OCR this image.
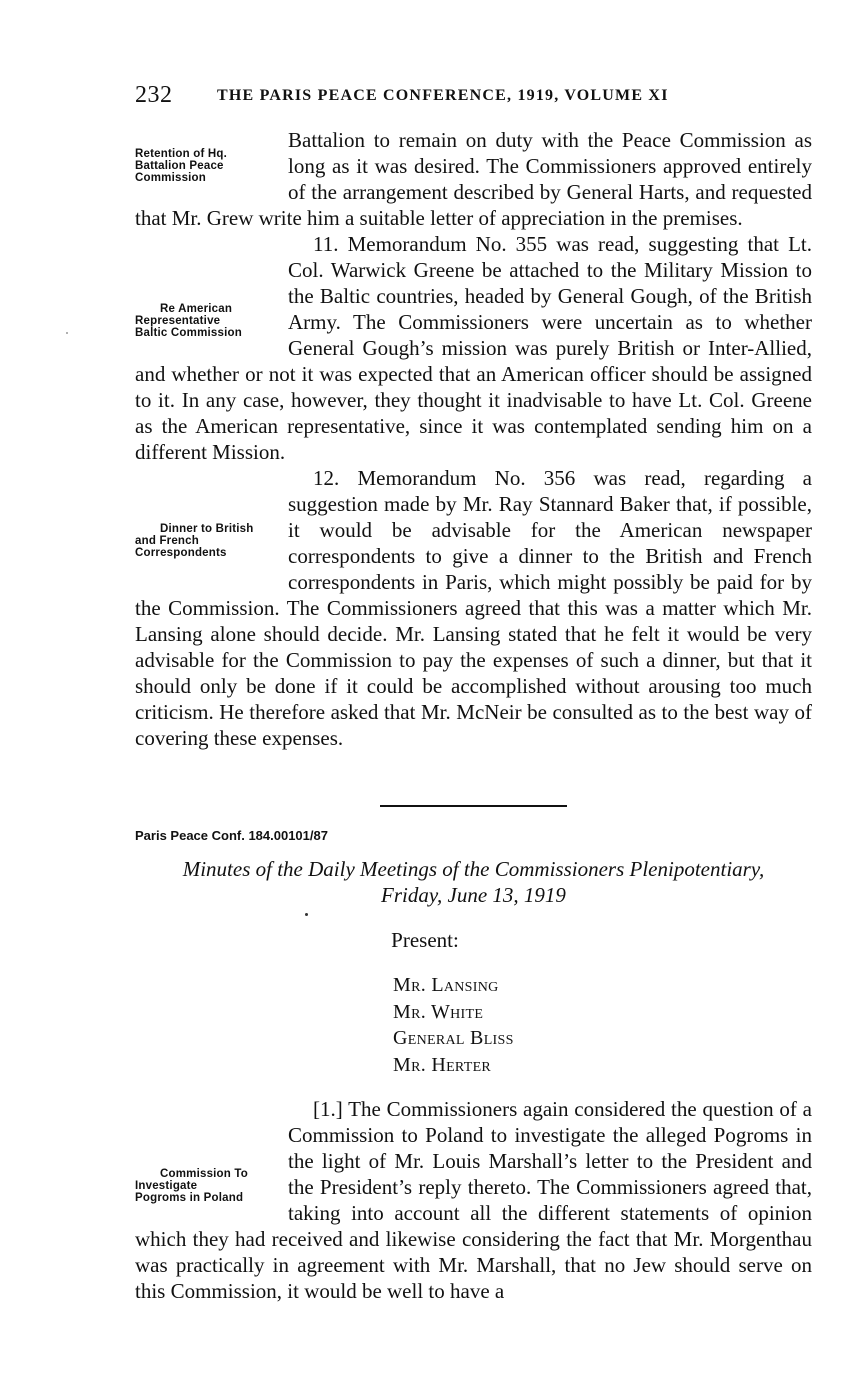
232	THE PARIS PEACE CONFERENCE, 1919, VOLUME XI

Retention of Hq.
Battalion Peace
Commission
Battalion to remain on duty with the Peace Commission as long as it was desired. The Commissioners approved entirely of the arrangement described by General Harts, and requested that Mr. Grew write him a suitable letter of appreciation in the premises.

Re American
Representative
Baltic Commission
11. Memorandum No. 355 was read, suggesting that Lt. Col. Warwick Greene be attached to the Military Mission to the Baltic countries, headed by General Gough, of the British Army. The Commissioners were uncertain as to whether General Gough’s mission was purely British or Inter-Allied, and whether or not it was expected that an American officer should be assigned to it. In any case, however, they thought it inadvisable to have Lt. Col. Greene as the American representative, since it was contemplated sending him on a different Mission.

Dinner to British
and French
Correspondents
12. Memorandum No. 356 was read, regarding a suggestion made by Mr. Ray Stannard Baker that, if possible, it would be advisable for the American newspaper correspondents to give a dinner to the British and French correspondents in Paris, which might possibly be paid for by the Commission. The Commissioners agreed that this was a matter which Mr. Lansing alone should decide. Mr. Lansing stated that he felt it would be very advisable for the Commission to pay the expenses of such a dinner, but that it should only be done if it could be accomplished without arousing too much criticism. He therefore asked that Mr. McNeir be consulted as to the best way of covering these expenses.

Paris Peace Conf. 184.00101/87
Minutes of the Daily Meetings of the Commissioners Plenipotentiary,
Friday, June 13, 1919
Present:
Mr. Lansing
Mr. White
General Bliss
Mr. Herter

Commission To
Investigate
Pogroms in Poland
[1.] The Commissioners again considered the question of a Commission to Poland to investigate the alleged Pogroms in the light of Mr. Louis Marshall’s letter to the President and the President’s reply thereto. The Commissioners agreed that, taking into account all the different statements of opinion which they had received and likewise considering the fact that Mr. Morgenthau was practically in agreement with Mr. Marshall, that no Jew should serve on this Commission, it would be well to have a
